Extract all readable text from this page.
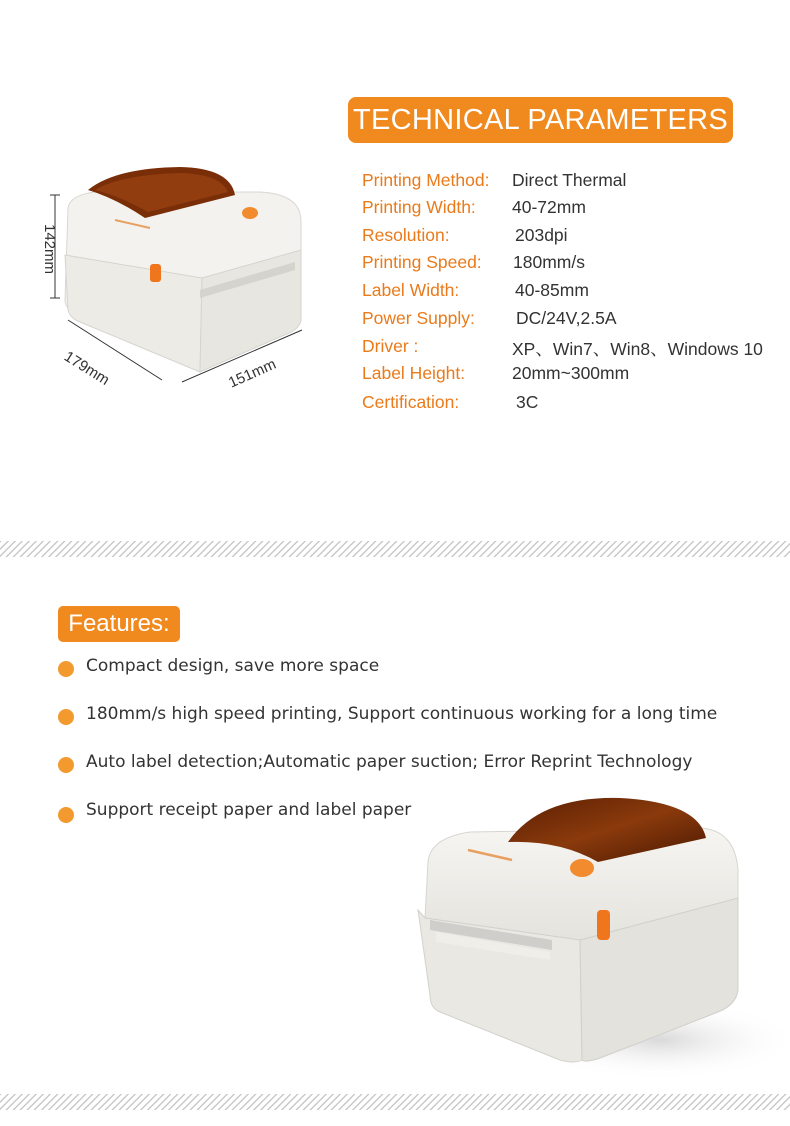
142mm
179mm	151mm
TECHNICAL PARAMETERS
Printing Method: Direct Thermal
Printing Width: 40-72mm
Resolution:	203dpi
Printing Speed: 180mm/s
Label Width:	40-85mm
Power Supply: DC/24V,2.5A
Driver :	XP、Win7、Win8、Windows 10
Label Height:	20mm~300mm
Certification:	3C
Features:
Compact design, save more space
180mm/s high speed printing, Support continuous working for a long time
Auto label detection;Automatic paper suction; Error Reprint Technology
Support receipt paper and label paper
